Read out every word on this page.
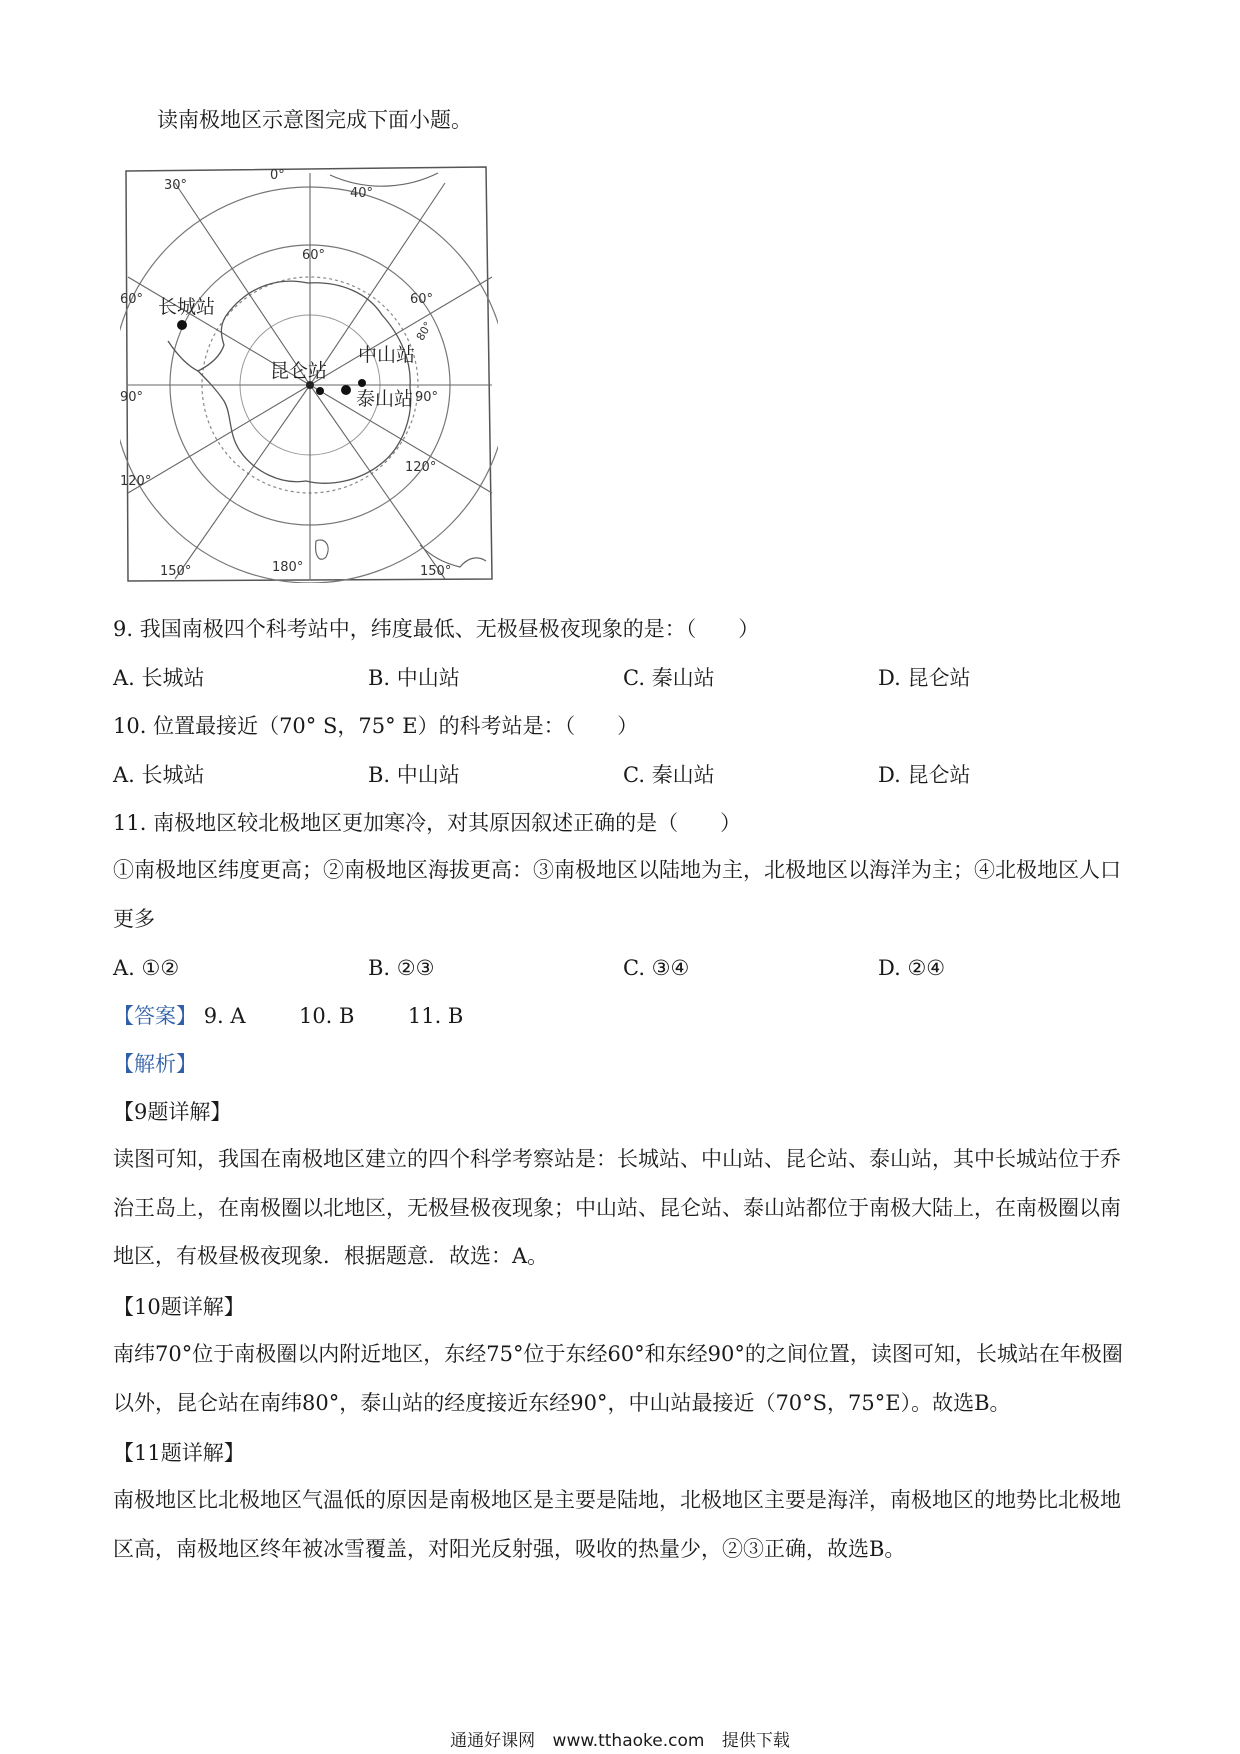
读南极地区示意图完成下面小题。
30°
0°
40°
60°
60°	60°
90°	90°
120°
120°
150°	180°	150°
80°
长城站
昆仑站
中山站
泰山站
9. 我国南极四个科考站中，纬度最低、无极昼极夜现象的是：（　　）
A. 长城站	B. 中山站	C. 秦山站	D. 昆仑站
10. 位置最接近（70° S，75° E）的科考站是：（　　）
A. 长城站	B. 中山站	C. 秦山站	D. 昆仑站
11. 南极地区较北极地区更加寒冷，对其原因叙述正确的是（　　）
①南极地区纬度更高；②南极地区海拔更高：③南极地区以陆地为主，北极地区以海洋为主；④北极地区人口更多
A. ①②	B. ②③	C. ③④	D. ②④
【答案】 9. A	10. B	11. B
【解析】
【9题详解】
读图可知，我国在南极地区建立的四个科学考察站是：长城站、中山站、昆仑站、泰山站，其中长城站位于乔治王岛上，在南极圈以北地区，无极昼极夜现象；中山站、昆仑站、泰山站都位于南极大陆上，在南极圈以南地区，有极昼极夜现象．根据题意．故选：A。
【10题详解】
南纬70°位于南极圈以内附近地区，东经75°位于东经60°和东经90°的之间位置，读图可知，长城站在年极圈以外，昆仑站在南纬80°，泰山站的经度接近东经90°，中山站最接近（70°S，75°E）。故选B。
【11题详解】
南极地区比北极地区气温低的原因是南极地区是主要是陆地，北极地区主要是海洋，南极地区的地势比北极地区高，南极地区终年被冰雪覆盖，对阳光反射强，吸收的热量少，②③正确，故选B。
通通好课网 www.tthaoke.com 提供下载
